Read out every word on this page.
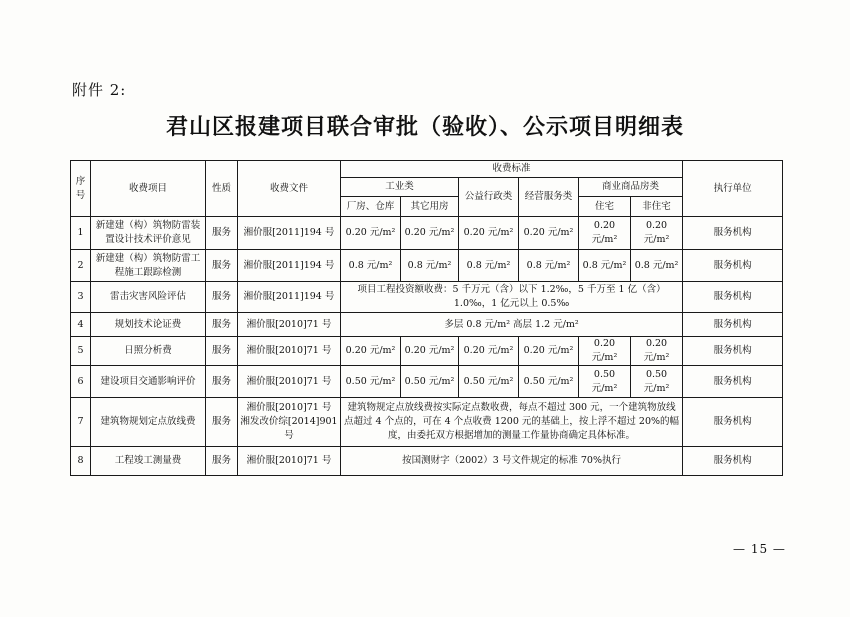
附件 2:
君山区报建项目联合审批（验收）、公示项目明细表
序
号	收费项目	性质	收费文件	收费标准						执行单位
				工业类		公益行政类	经营服务类	商业商品房类		
				厂房、仓库	其它用房			住宅	非住宅	
1	新建建（构）筑物防雷装置设计技术评价意见	服务	湘价服[2011]194 号	0.20 元/m²	0.20 元/m²	0.20 元/m²	0.20 元/m²	0.20 元/m²	0.20 元/m²	服务机构
2	新建建（构）筑物防雷工程施工跟踪检测	服务	湘价服[2011]194 号	0.8 元/m²	0.8 元/m²	0.8 元/m²	0.8 元/m²	0.8 元/m²	0.8 元/m²	服务机构
3	雷击灾害风险评估	服务	湘价服[2011]194 号	项目工程投资额收费：5 千万元（含）以下 1.2‰，5 千万至 1 亿（含）1.0‰，1 亿元以上 0.5‰						服务机构
4	规划技术论证费	服务	湘价服[2010]71 号	多层 0.8 元/m² 高层 1.2 元/m²						服务机构
5	日照分析费	服务	湘价服[2010]71 号	0.20 元/m²	0.20 元/m²	0.20 元/m²	0.20 元/m²	0.20 元/m²	0.20 元/m²	服务机构
6	建设项目交通影响评价	服务	湘价服[2010]71 号	0.50 元/m²	0.50 元/m²	0.50 元/m²	0.50 元/m²	0.50 元/m²	0.50 元/m²	服务机构
7	建筑物规划定点放线费	服务	湘价服[2010]71 号
湘发改价综[2014]901 号	建筑物规定点放线费按实际定点数收费，每点不超过 300 元，一个建筑物放线点超过 4 个点的，可在 4 个点收费 1200 元的基础上，按上浮不超过 20%的幅度，由委托双方根据增加的测量工作量协商确定具体标准。						服务机构
8	工程竣工测量费	服务	湘价服[2010]71 号	按国测财字（2002）3 号文件规定的标准 70%执行						服务机构
— 15 —
